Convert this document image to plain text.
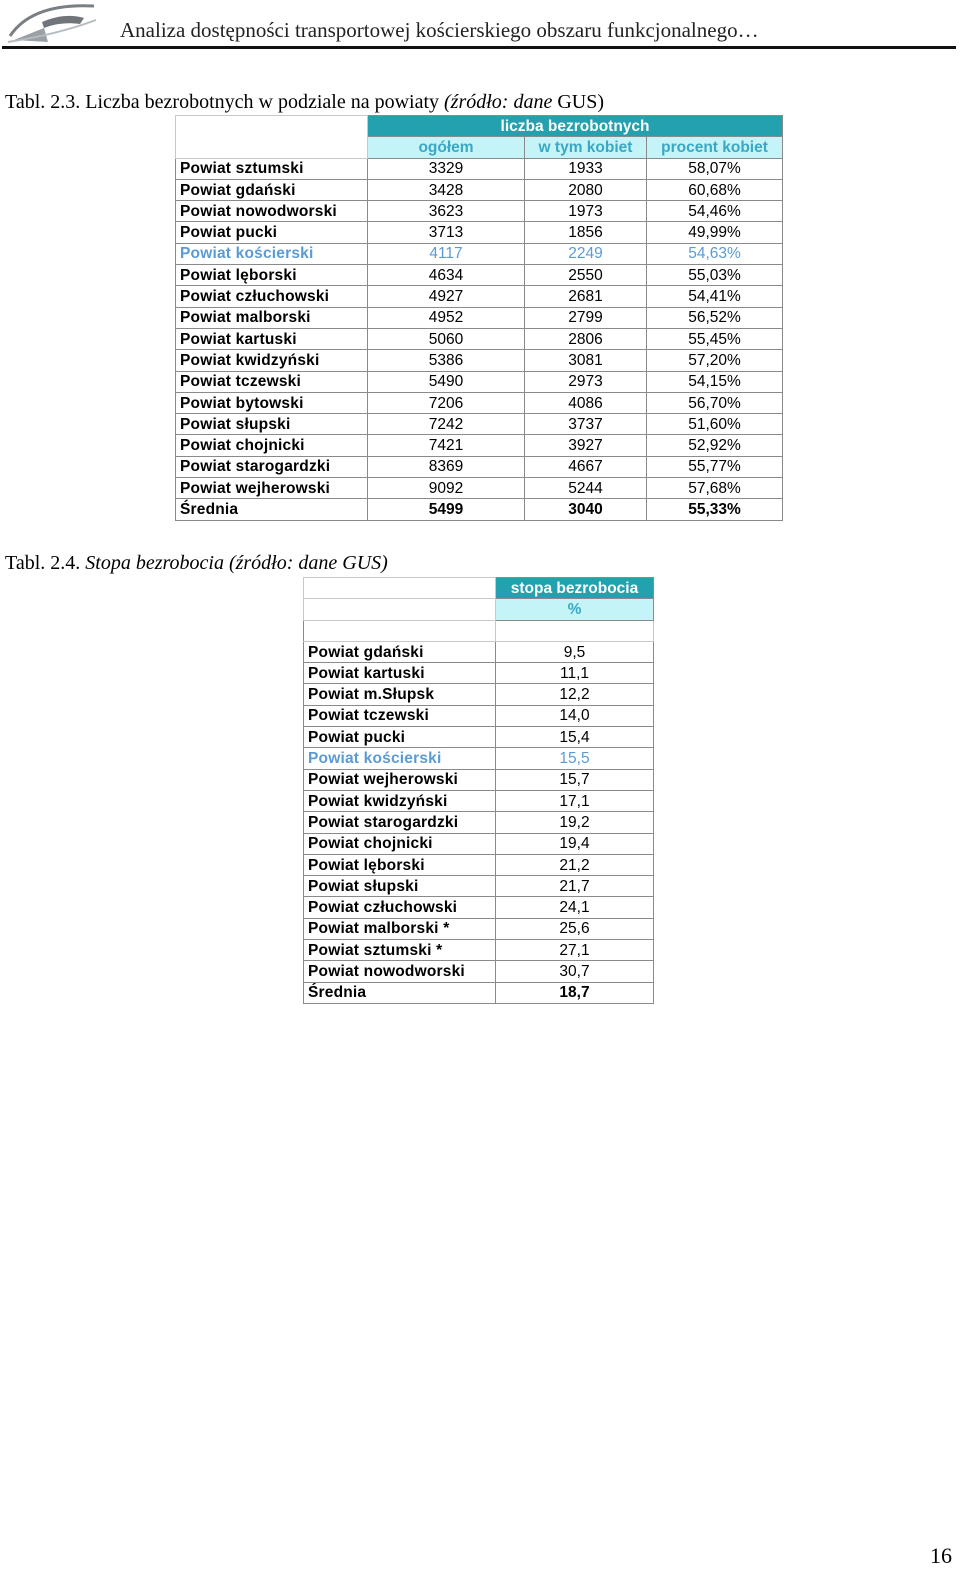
Analiza dostępności transportowej kościerskiego obszaru funkcjonalnego…
Tabl. 2.3. Liczba bezrobotnych w podziale na powiaty (źródło: dane GUS)
	liczba bezrobotnych		
	ogółem	w tym kobiet	procent kobiet
Powiat sztumski	3329	1933	58,07%
Powiat gdański	3428	2080	60,68%
Powiat nowodworski	3623	1973	54,46%
Powiat pucki	3713	1856	49,99%
Powiat kościerski	4117	2249	54,63%
Powiat lęborski	4634	2550	55,03%
Powiat człuchowski	4927	2681	54,41%
Powiat malborski	4952	2799	56,52%
Powiat kartuski	5060	2806	55,45%
Powiat kwidzyński	5386	3081	57,20%
Powiat tczewski	5490	2973	54,15%
Powiat bytowski	7206	4086	56,70%
Powiat słupski	7242	3737	51,60%
Powiat chojnicki	7421	3927	52,92%
Powiat starogardzki	8369	4667	55,77%
Powiat wejherowski	9092	5244	57,68%
Średnia	5499	3040	55,33%
Tabl. 2.4. Stopa bezrobocia (źródło: dane GUS)
	stopa bezrobocia
	%

Powiat gdański	9,5
Powiat kartuski	11,1
Powiat m.Słupsk	12,2
Powiat tczewski	14,0
Powiat pucki	15,4
Powiat kościerski	15,5
Powiat wejherowski	15,7
Powiat kwidzyński	17,1
Powiat starogardzki	19,2
Powiat chojnicki	19,4
Powiat lęborski	21,2
Powiat słupski	21,7
Powiat człuchowski	24,1
Powiat malborski *	25,6
Powiat sztumski *	27,1
Powiat nowodworski	30,7
Średnia	18,7
16
